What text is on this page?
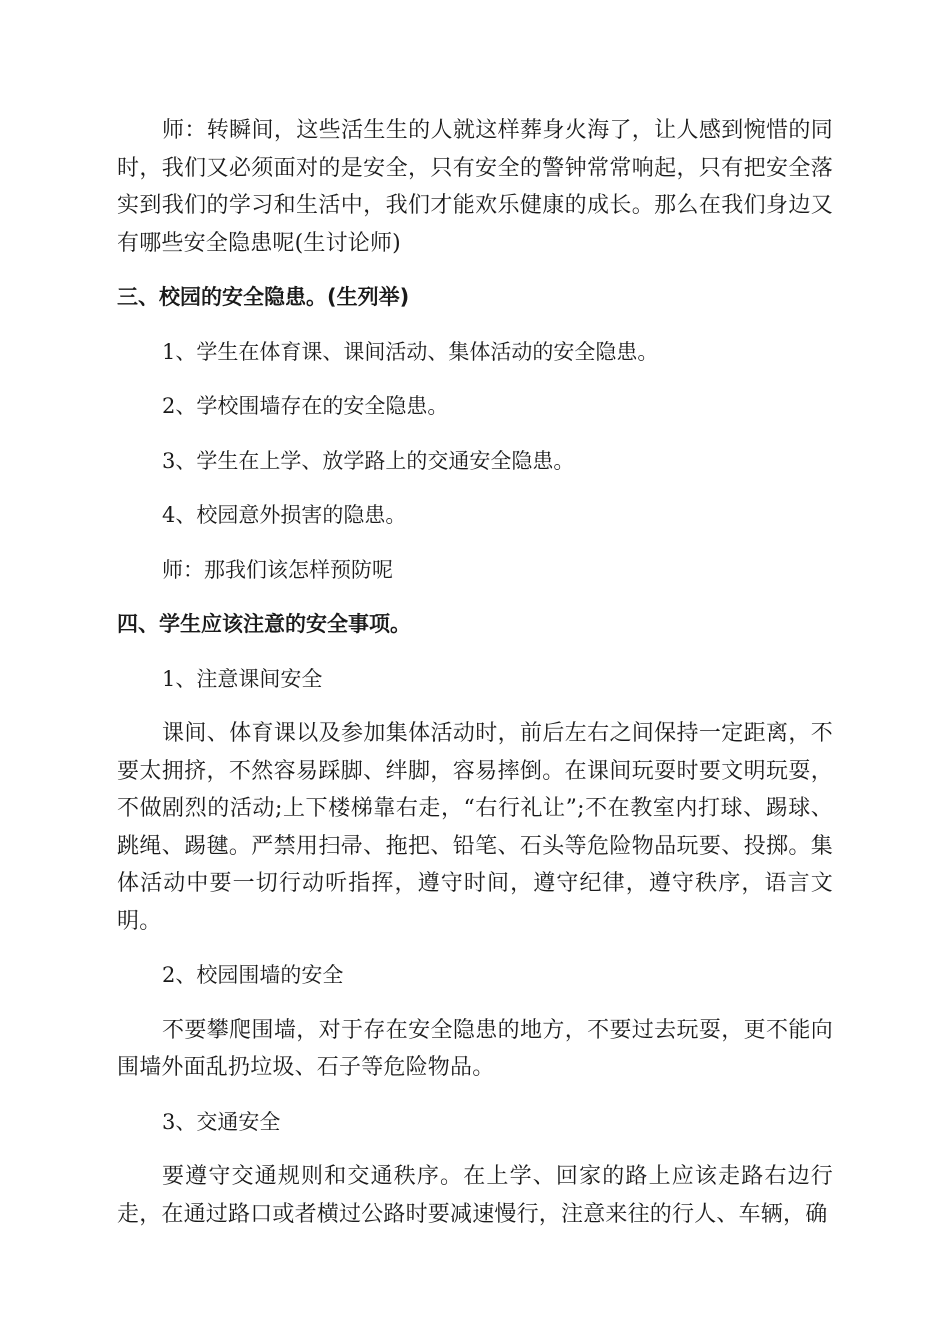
师：转瞬间，这些活生生的人就这样葬身火海了，让人感到惋惜的同时，我们又必须面对的是安全，只有安全的警钟常常响起，只有把安全落实到我们的学习和生活中，我们才能欢乐健康的成长。那么在我们身边又有哪些安全隐患呢(生讨论师)

三、校园的安全隐患。(生列举)

1、学生在体育课、课间活动、集体活动的安全隐患。

2、学校围墙存在的安全隐患。

3、学生在上学、放学路上的交通安全隐患。

4、校园意外损害的隐患。

师：那我们该怎样预防呢

四、学生应该注意的安全事项。

1、注意课间安全

课间、体育课以及参加集体活动时，前后左右之间保持一定距离，不要太拥挤，不然容易踩脚、绊脚，容易摔倒。在课间玩耍时要文明玩耍，不做剧烈的活动;上下楼梯靠右走，“右行礼让”;不在教室内打球、踢球、跳绳、踢毽。严禁用扫帚、拖把、铅笔、石头等危险物品玩要、投掷。集体活动中要一切行动听指挥，遵守时间，遵守纪律，遵守秩序，语言文明。

2、校园围墙的安全

不要攀爬围墙，对于存在安全隐患的地方，不要过去玩耍，更不能向围墙外面乱扔垃圾、石子等危险物品。

3、交通安全

要遵守交通规则和交通秩序。在上学、回家的路上应该走路右边行走，在通过路口或者横过公路时要减速慢行，注意来往的行人、车辆，确
